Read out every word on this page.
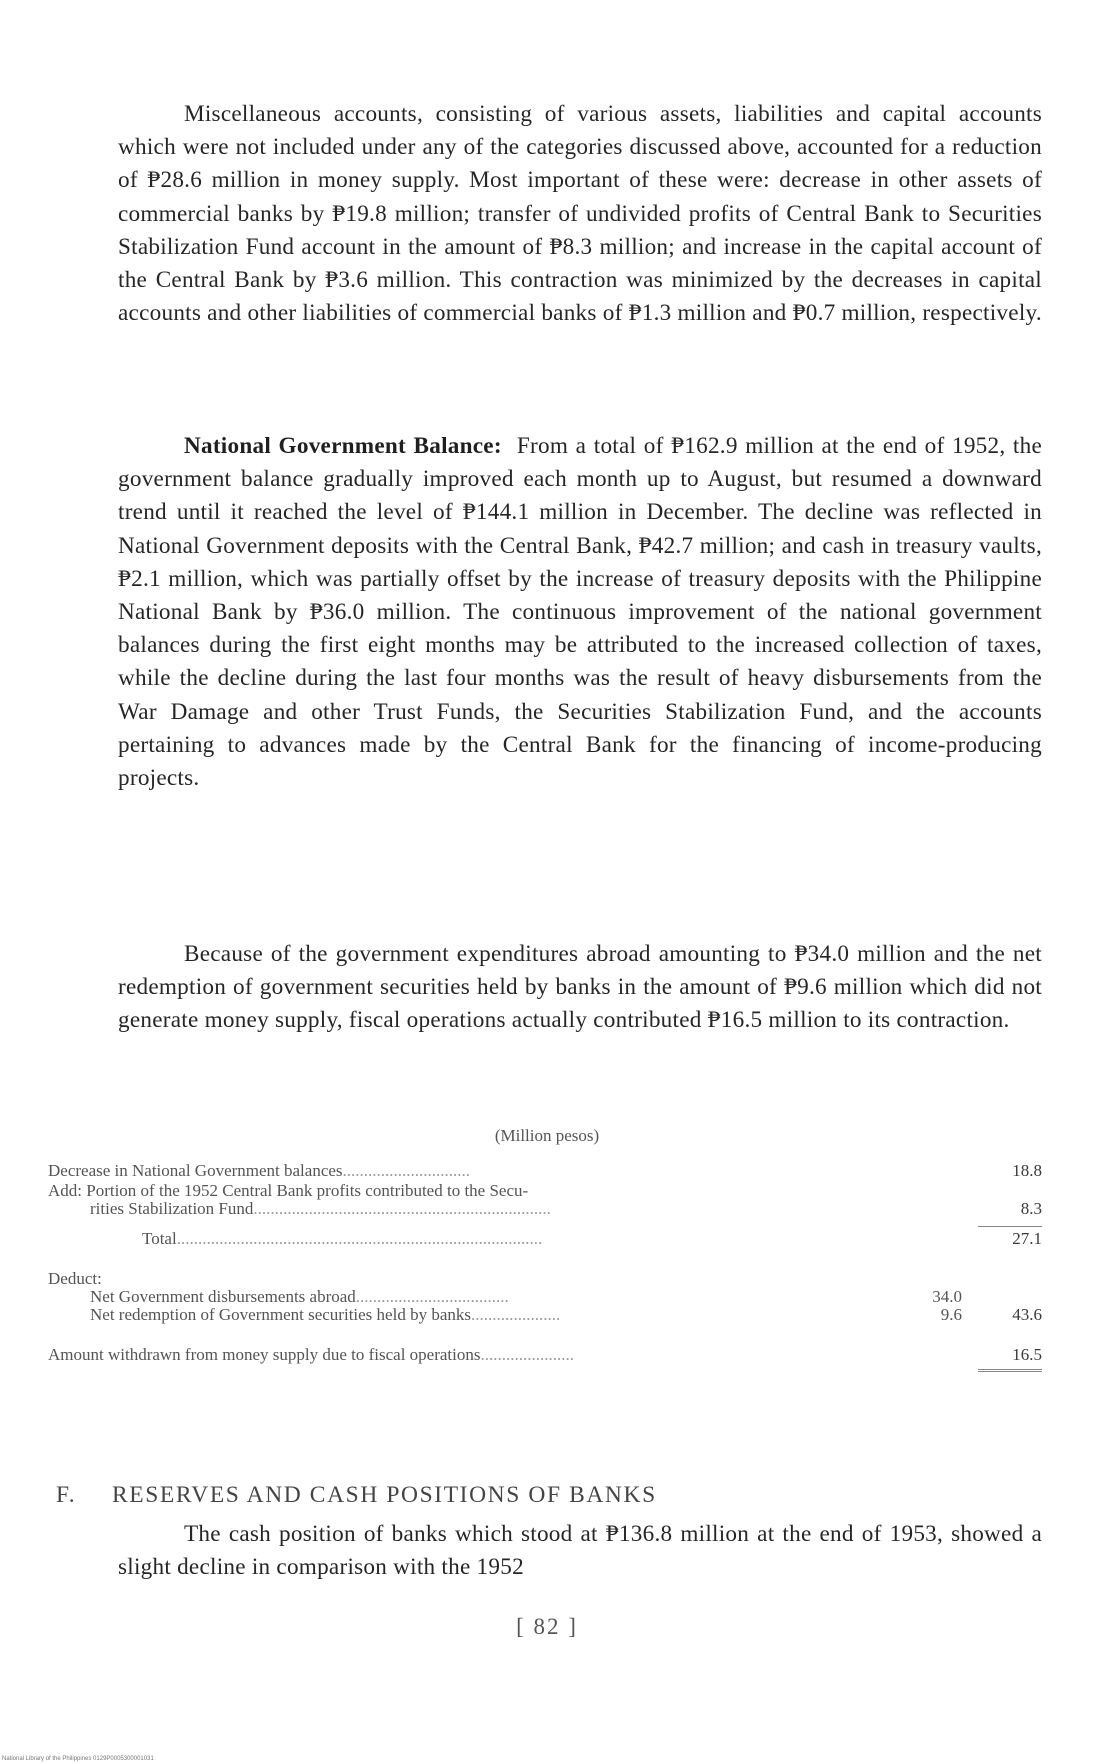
Miscellaneous accounts, consisting of various assets, liabilities and capital accounts which were not included under any of the categories discussed above, accounted for a reduction of ₱28.6 million in money supply. Most important of these were: decrease in other assets of commercial banks by ₱19.8 million; transfer of undivided profits of Central Bank to Securities Stabilization Fund account in the amount of ₱8.3 million; and increase in the capital account of the Central Bank by ₱3.6 million. This contraction was minimized by the decreases in capital accounts and other liabilities of commercial banks of ₱1.3 million and ₱0.7 million, respectively.

National Government Balance: From a total of ₱162.9 million at the end of 1952, the government balance gradually improved each month up to August, but resumed a downward trend until it reached the level of ₱144.1 million in December. The decline was reflected in National Government deposits with the Central Bank, ₱42.7 million; and cash in treasury vaults, ₱2.1 million, which was partially offset by the increase of treasury deposits with the Philippine National Bank by ₱36.0 million. The continuous improvement of the national government balances during the first eight months may be attributed to the increased collection of taxes, while the decline during the last four months was the result of heavy disbursements from the War Damage and other Trust Funds, the Securities Stabilization Fund, and the accounts pertaining to advances made by the Central Bank for the financing of income-producing projects.

Because of the government expenditures abroad amounting to ₱34.0 million and the net redemption of government securities held by banks in the amount of ₱9.6 million which did not generate money supply, fiscal operations actually contributed ₱16.5 million to its contraction.

(Million pesos)
Decrease in National Government balances..............................	18.8
Add: Portion of the 1952 Central Bank profits contributed to the Secu-
rities Stabilization Fund......................................................................	8.3
Total......................................................................................	27.1
Deduct:
Net Government disbursements abroad....................................	34.0
Net redemption of Government securities held by banks.....................	9.6	43.6
Amount withdrawn from money supply due to fiscal operations......................	16.5
F. RESERVES AND CASH POSITIONS OF BANKS

The cash position of banks which stood at ₱136.8 million at the end of 1953, showed a slight decline in comparison with the 1952

[ 82 ]
National Library of the Philippines 0129P0005300001031
